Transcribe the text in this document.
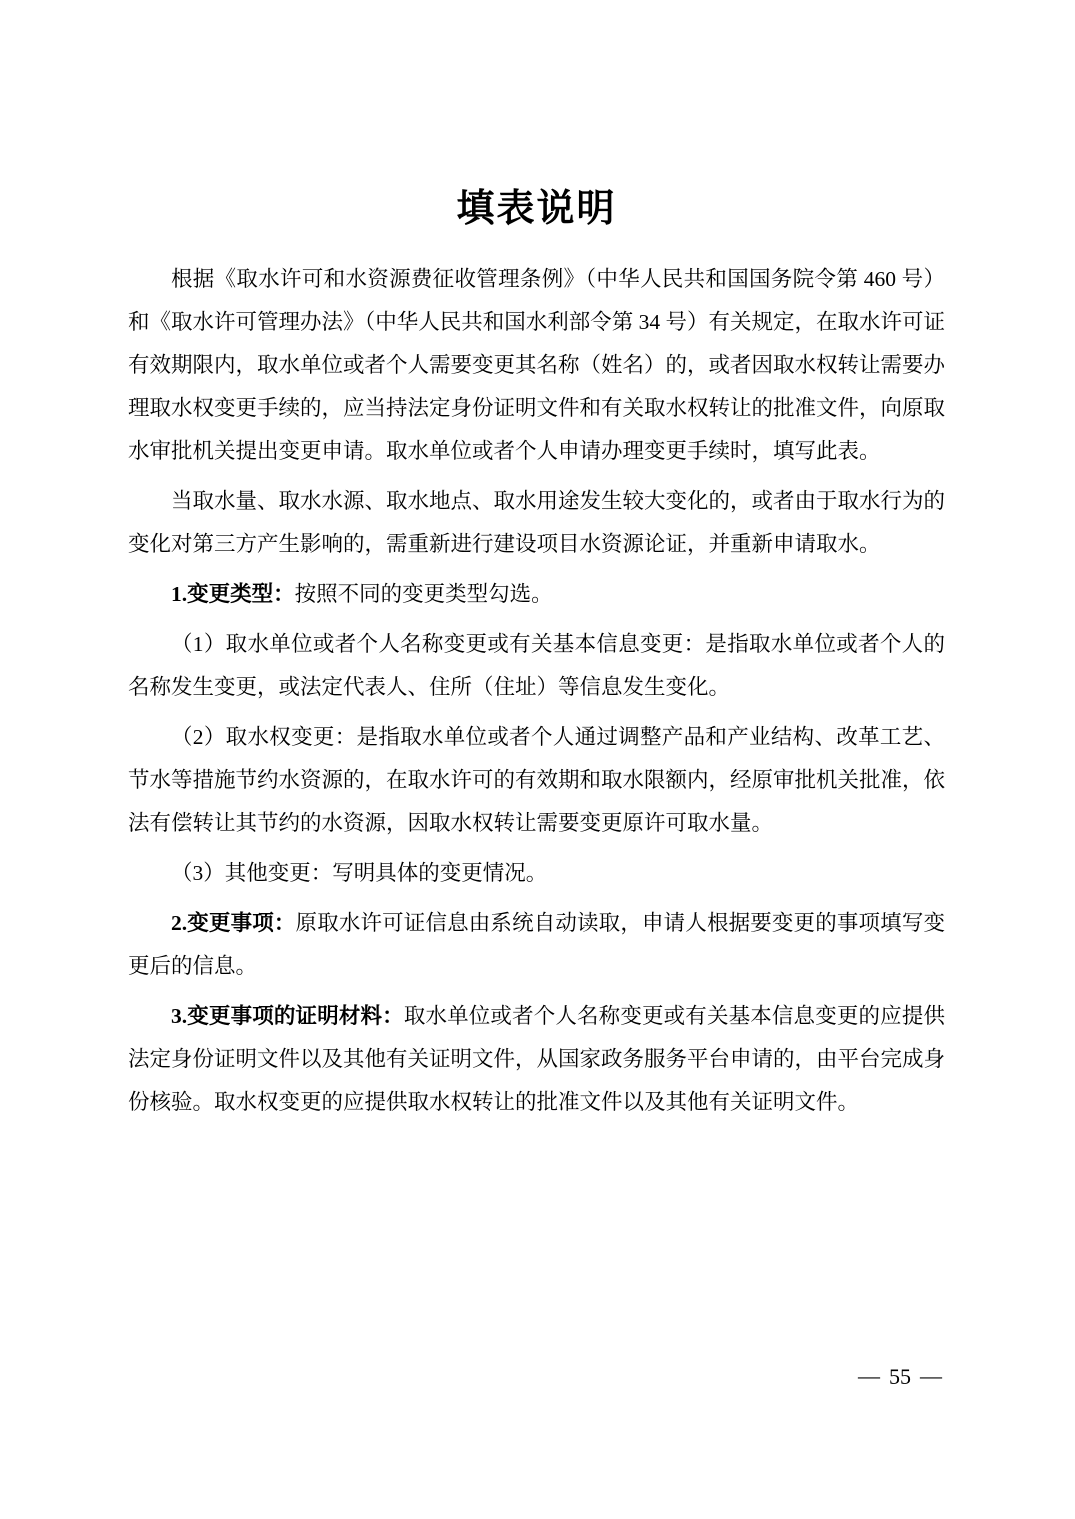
填表说明

根据《取水许可和水资源费征收管理条例》（中华人民共和国国务院令第 460 号）和《取水许可管理办法》（中华人民共和国水利部令第 34 号）有关规定，在取水许可证有效期限内，取水单位或者个人需要变更其名称（姓名）的，或者因取水权转让需要办理取水权变更手续的，应当持法定身份证明文件和有关取水权转让的批准文件，向原取水审批机关提出变更申请。取水单位或者个人申请办理变更手续时，填写此表。

当取水量、取水水源、取水地点、取水用途发生较大变化的，或者由于取水行为的变化对第三方产生影响的，需重新进行建设项目水资源论证，并重新申请取水。

1.变更类型：按照不同的变更类型勾选。

（1）取水单位或者个人名称变更或有关基本信息变更：是指取水单位或者个人的名称发生变更，或法定代表人、住所（住址）等信息发生变化。

（2）取水权变更：是指取水单位或者个人通过调整产品和产业结构、改革工艺、节水等措施节约水资源的，在取水许可的有效期和取水限额内，经原审批机关批准，依法有偿转让其节约的水资源，因取水权转让需要变更原许可取水量。

（3）其他变更：写明具体的变更情况。

2.变更事项：原取水许可证信息由系统自动读取，申请人根据要变更的事项填写变更后的信息。

3.变更事项的证明材料：取水单位或者个人名称变更或有关基本信息变更的应提供法定身份证明文件以及其他有关证明文件，从国家政务服务平台申请的，由平台完成身份核验。取水权变更的应提供取水权转让的批准文件以及其他有关证明文件。

— 55 —
